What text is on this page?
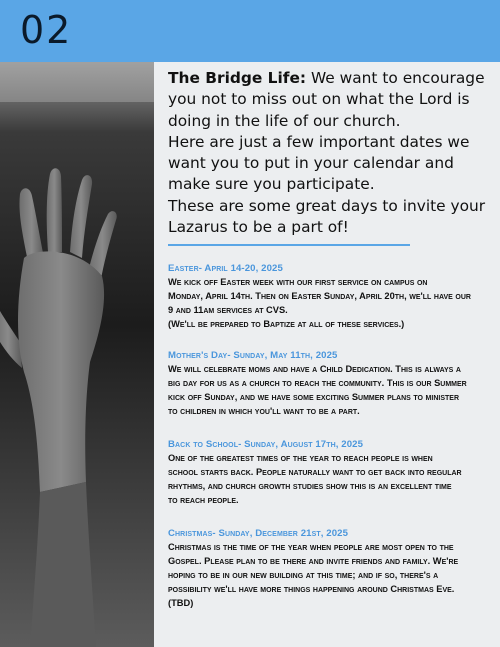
02
The Bridge Life: We want to encourage
you not to miss out on what the Lord is
doing in the life of our church.
Here are just a few important dates we
want you to put in your calendar and
make sure you participate.
These are some great days to invite your
Lazarus to be a part of!
Easter- April 14-20, 2025
We kick off Easter week with our first service on campus on
Monday, April 14th. Then on Easter Sunday, April 20th, we'll have our
9 and 11am services at CVS.
(We'll be prepared to Baptize at all of these services.)
Mother's Day- Sunday, May 11th, 2025
We will celebrate moms and have a Child Dedication. This is always a
big day for us as a church to reach the community. This is our Summer
kick off Sunday, and we have some exciting Summer plans to minister
to children in which you'll want to be a part.
Back to School- Sunday, August 17th, 2025
One of the greatest times of the year to reach people is when
school starts back. People naturally want to get back into regular
rhythms, and church growth studies show this is an excellent time
to reach people.
Christmas- Sunday, December 21st, 2025
Christmas is the time of the year when people are most open to the
Gospel. Please plan to be there and invite friends and family. We're
hoping to be in our new building at this time; and if so, there's a
possibility we'll have more things happening around Christmas Eve.
(TBD)
